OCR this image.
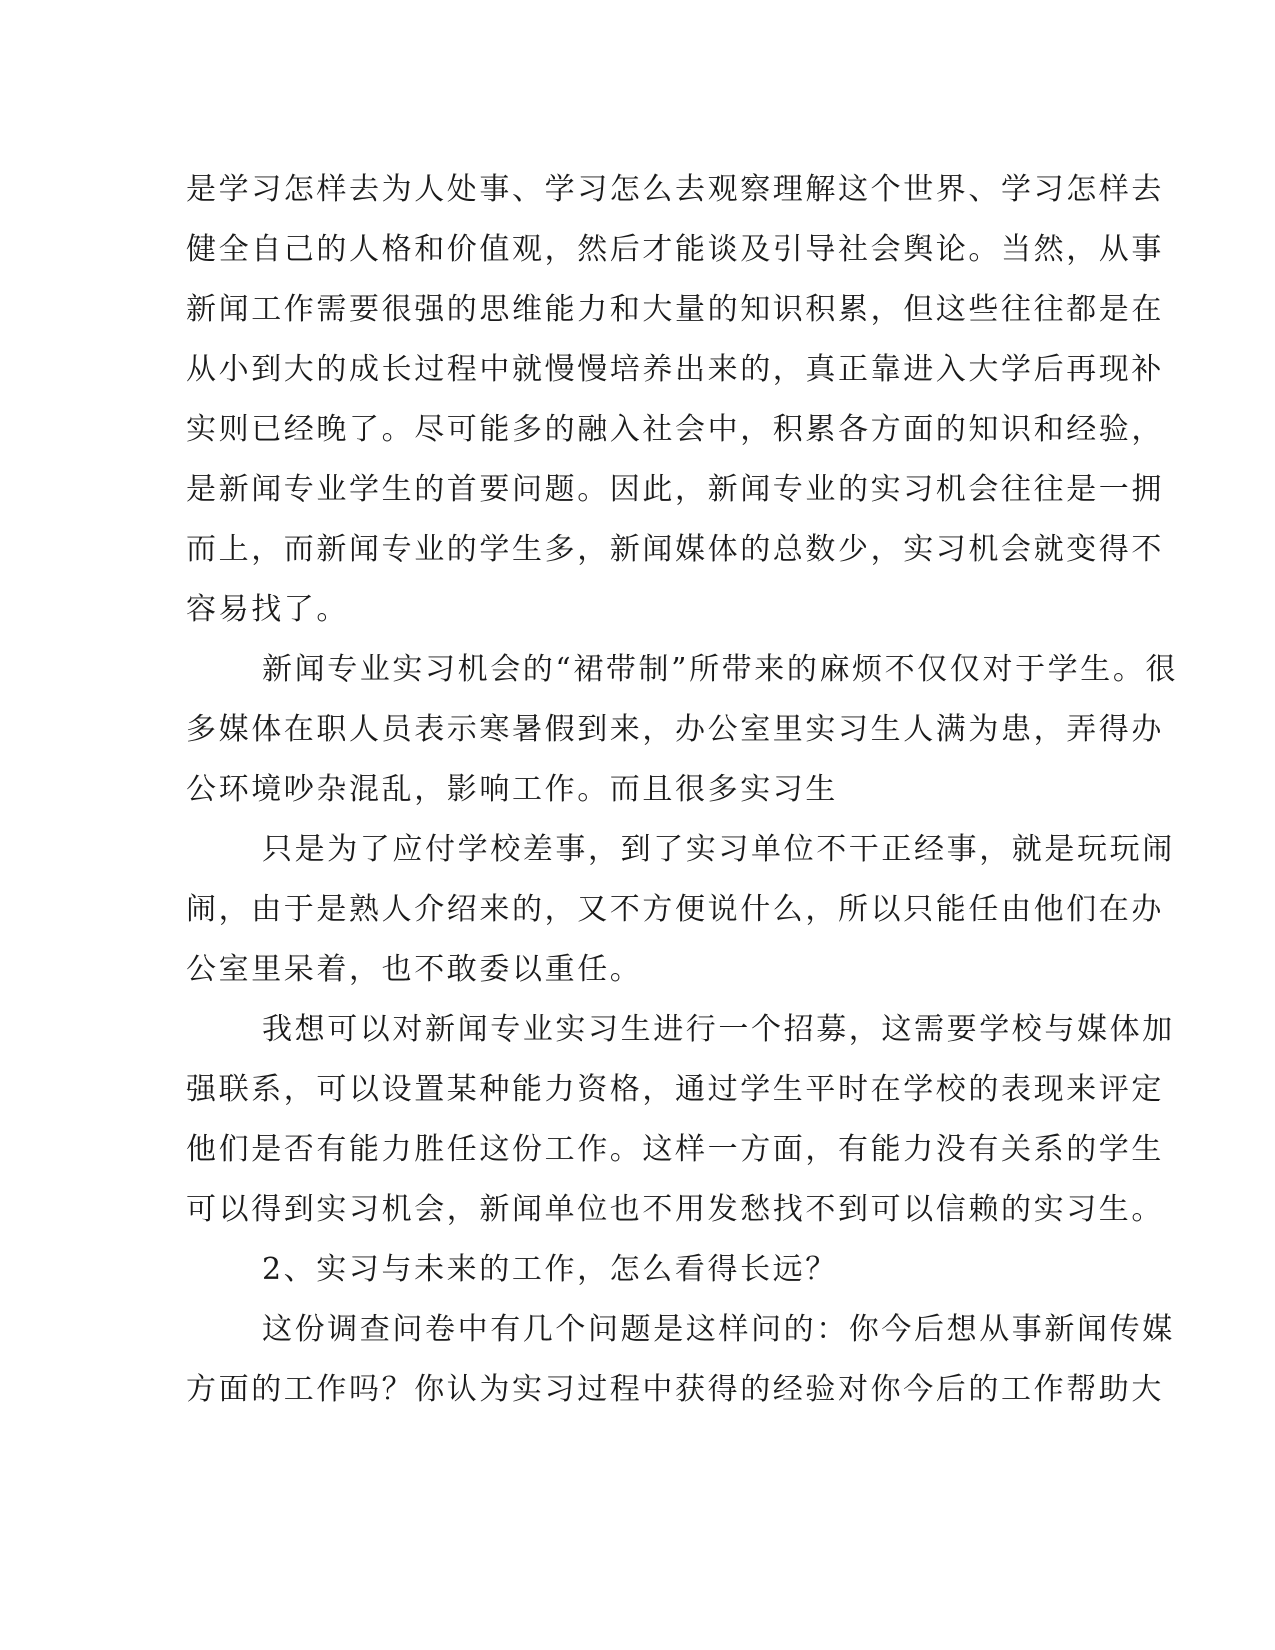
是学习怎样去为人处事、学习怎么去观察理解这个世界、学习怎样去
健全自己的人格和价值观，然后才能谈及引导社会舆论。当然，从事
新闻工作需要很强的思维能力和大量的知识积累，但这些往往都是在
从小到大的成长过程中就慢慢培养出来的，真正靠进入大学后再现补
实则已经晚了。尽可能多的融入社会中，积累各方面的知识和经验，
是新闻专业学生的首要问题。因此，新闻专业的实习机会往往是一拥
而上，而新闻专业的学生多，新闻媒体的总数少，实习机会就变得不
容易找了。
新闻专业实习机会的“裙带制”所带来的麻烦不仅仅对于学生。很
多媒体在职人员表示寒暑假到来，办公室里实习生人满为患，弄得办
公环境吵杂混乱，影响工作。而且很多实习生
只是为了应付学校差事，到了实习单位不干正经事，就是玩玩闹
闹，由于是熟人介绍来的，又不方便说什么，所以只能任由他们在办
公室里呆着，也不敢委以重任。
我想可以对新闻专业实习生进行一个招募，这需要学校与媒体加
强联系，可以设置某种能力资格，通过学生平时在学校的表现来评定
他们是否有能力胜任这份工作。这样一方面，有能力没有关系的学生
可以得到实习机会，新闻单位也不用发愁找不到可以信赖的实习生。
2、实习与未来的工作，怎么看得长远？
这份调查问卷中有几个问题是这样问的：你今后想从事新闻传媒
方面的工作吗？你认为实习过程中获得的经验对你今后的工作帮助大
